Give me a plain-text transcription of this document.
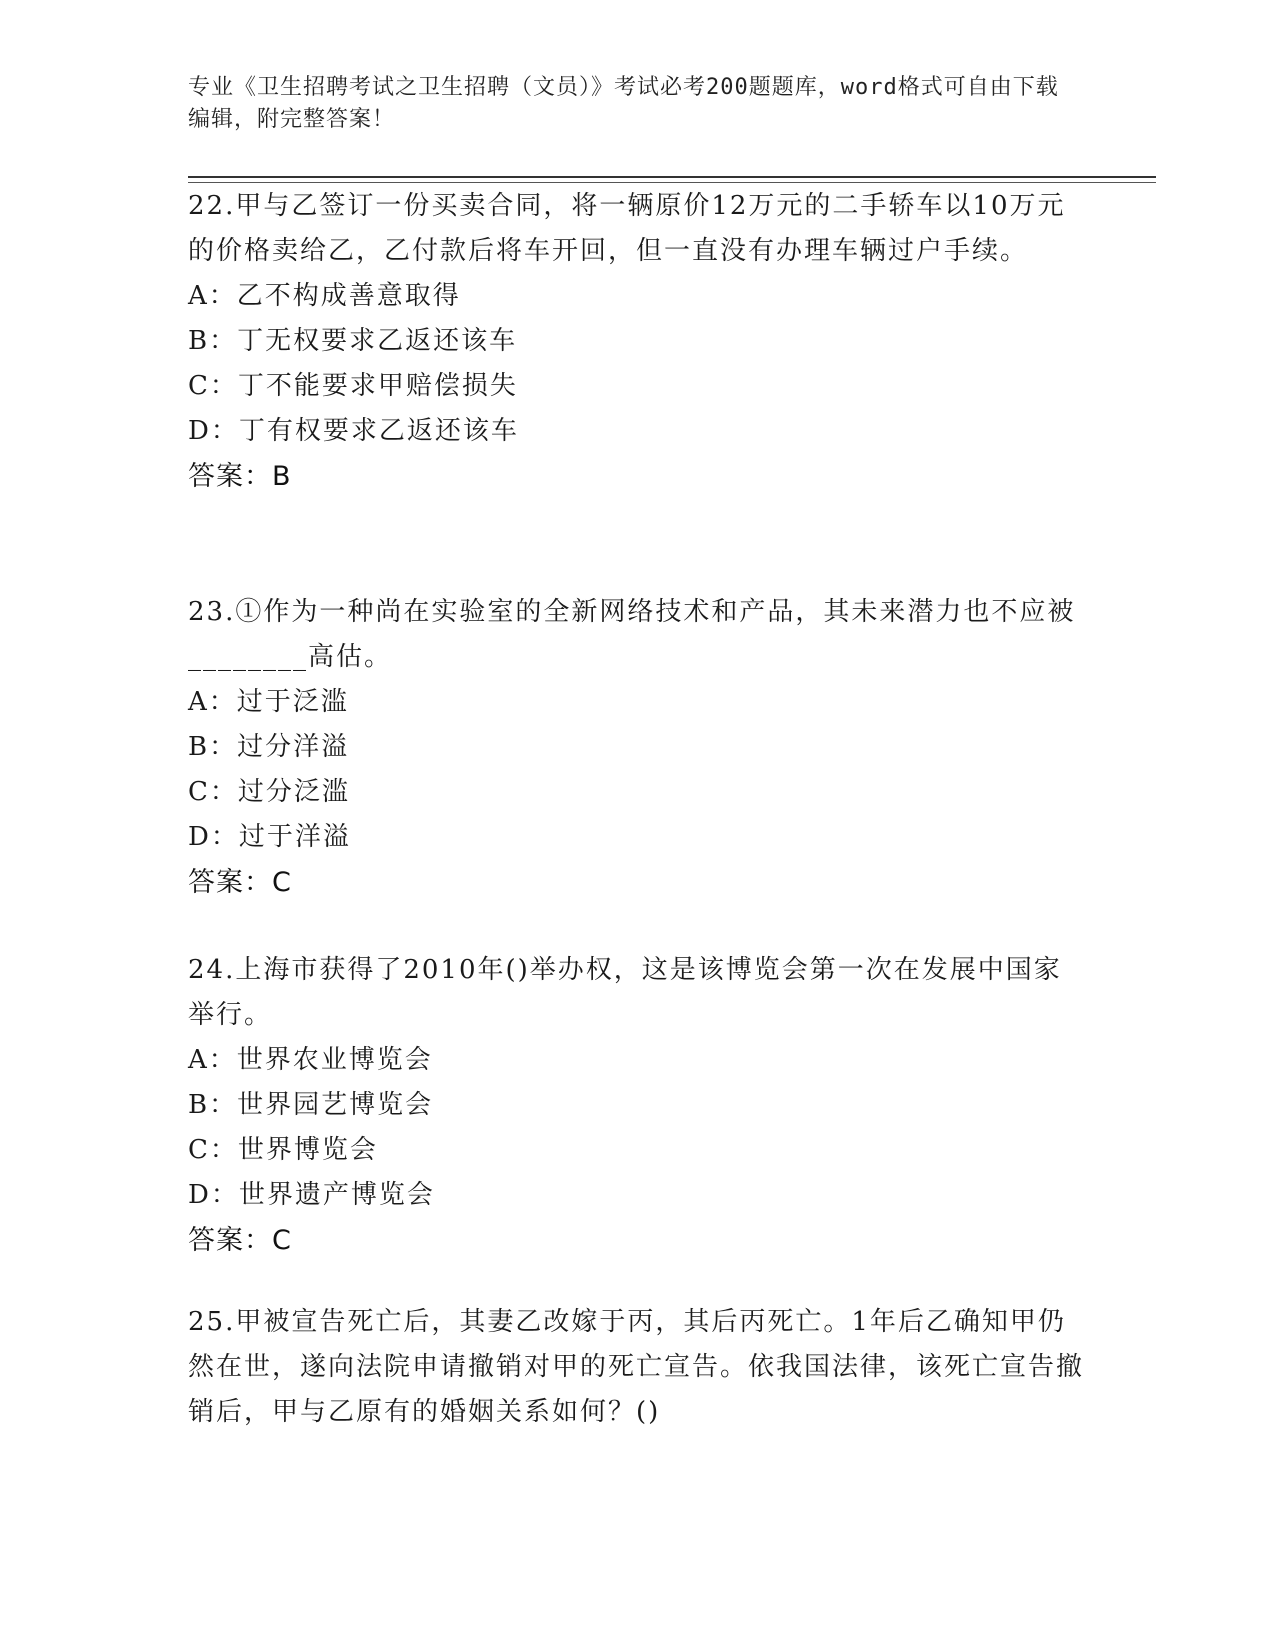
专业《卫生招聘考试之卫生招聘（文员）》考试必考200题题库，word格式可自由下载编辑，附完整答案！

22.甲与乙签订一份买卖合同，将一辆原价12万元的二手轿车以10万元的价格卖给乙，乙付款后将车开回，但一直没有办理车辆过户手续。

A：乙不构成善意取得

B：丁无权要求乙返还该车

C：丁不能要求甲赔偿损失

D：丁有权要求乙返还该车

答案：B

23.①作为一种尚在实验室的全新网络技术和产品，其未来潜力也不应被________高估。

A：过于泛滥

B：过分洋溢

C：过分泛滥

D：过于洋溢

答案：C

24.上海市获得了2010年()举办权，这是该博览会第一次在发展中国家举行。

A：世界农业博览会

B：世界园艺博览会

C：世界博览会

D：世界遗产博览会

答案：C

25.甲被宣告死亡后，其妻乙改嫁于丙，其后丙死亡。1年后乙确知甲仍然在世，遂向法院申请撤销对甲的死亡宣告。依我国法律，该死亡宣告撤销后，甲与乙原有的婚姻关系如何？()
